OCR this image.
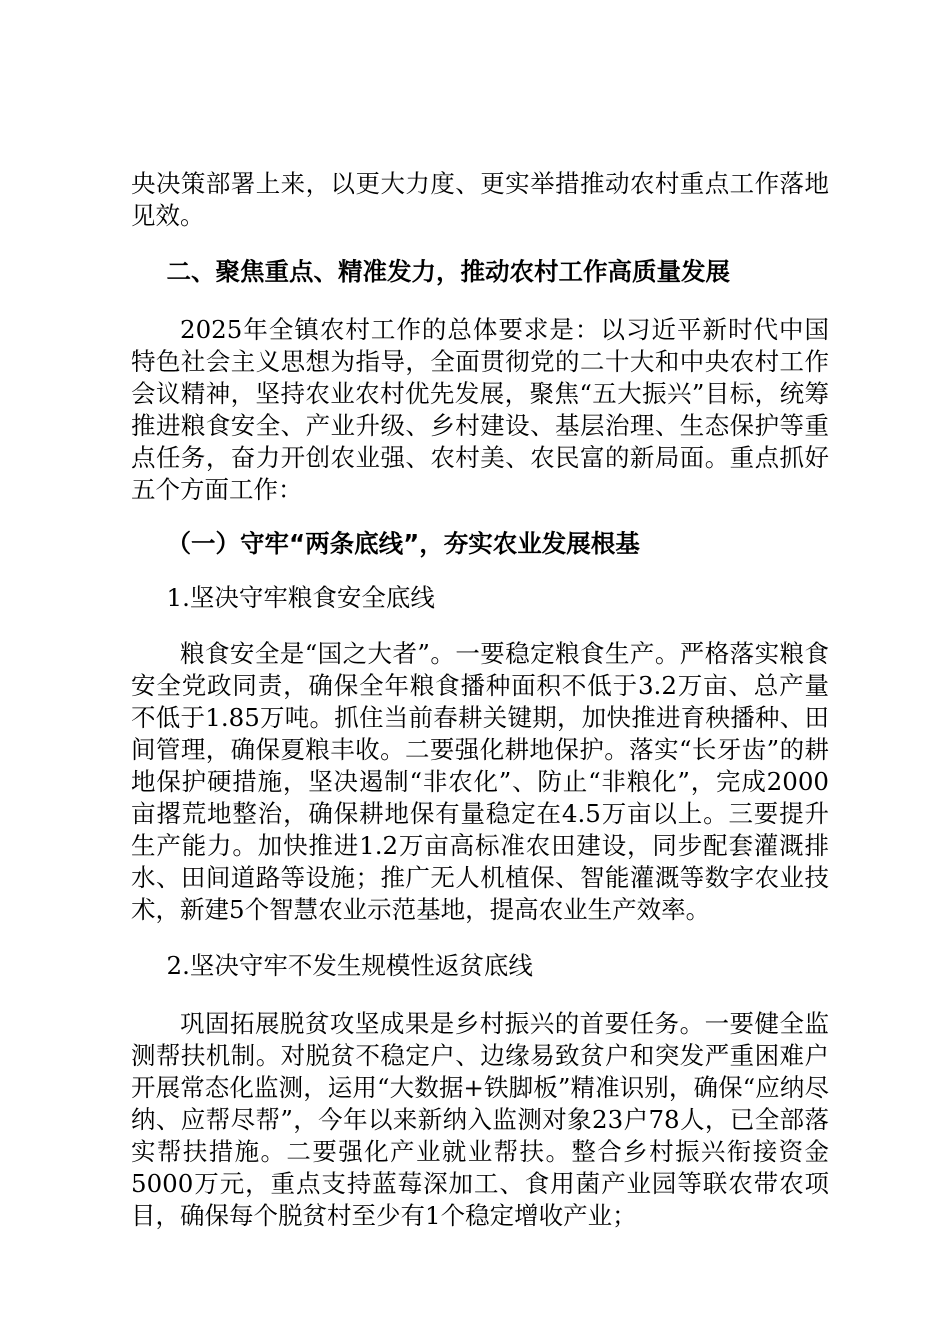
央决策部署上来，以更大力度、更实举措推动农村重点工作落地见效。

二、聚焦重点、精准发力，推动农村工作高质量发展

2025年全镇农村工作的总体要求是：以习近平新时代中国特色社会主义思想为指导，全面贯彻党的二十大和中央农村工作会议精神，坚持农业农村优先发展，聚焦“五大振兴”目标，统筹推进粮食安全、产业升级、乡村建设、基层治理、生态保护等重点任务，奋力开创农业强、农村美、农民富的新局面。重点抓好五个方面工作：

（一）守牢“两条底线”，夯实农业发展根基

1.坚决守牢粮食安全底线

粮食安全是“国之大者”。一要稳定粮食生产。严格落实粮食安全党政同责，确保全年粮食播种面积不低于3.2万亩、总产量不低于1.85万吨。抓住当前春耕关键期，加快推进育秧播种、田间管理，确保夏粮丰收。二要强化耕地保护。落实“长牙齿”的耕地保护硬措施，坚决遏制“非农化”、防止“非粮化”，完成2000亩撂荒地整治，确保耕地保有量稳定在4.5万亩以上。三要提升生产能力。加快推进1.2万亩高标准农田建设，同步配套灌溉排水、田间道路等设施；推广无人机植保、智能灌溉等数字农业技术，新建5个智慧农业示范基地，提高农业生产效率。

2.坚决守牢不发生规模性返贫底线

巩固拓展脱贫攻坚成果是乡村振兴的首要任务。一要健全监测帮扶机制。对脱贫不稳定户、边缘易致贫户和突发严重困难户开展常态化监测，运用“大数据+铁脚板”精准识别，确保“应纳尽纳、应帮尽帮”，今年以来新纳入监测对象23户78人，已全部落实帮扶措施。二要强化产业就业帮扶。整合乡村振兴衔接资金5000万元，重点支持蓝莓深加工、食用菌产业园等联农带农项目，确保每个脱贫村至少有1个稳定增收产业；
